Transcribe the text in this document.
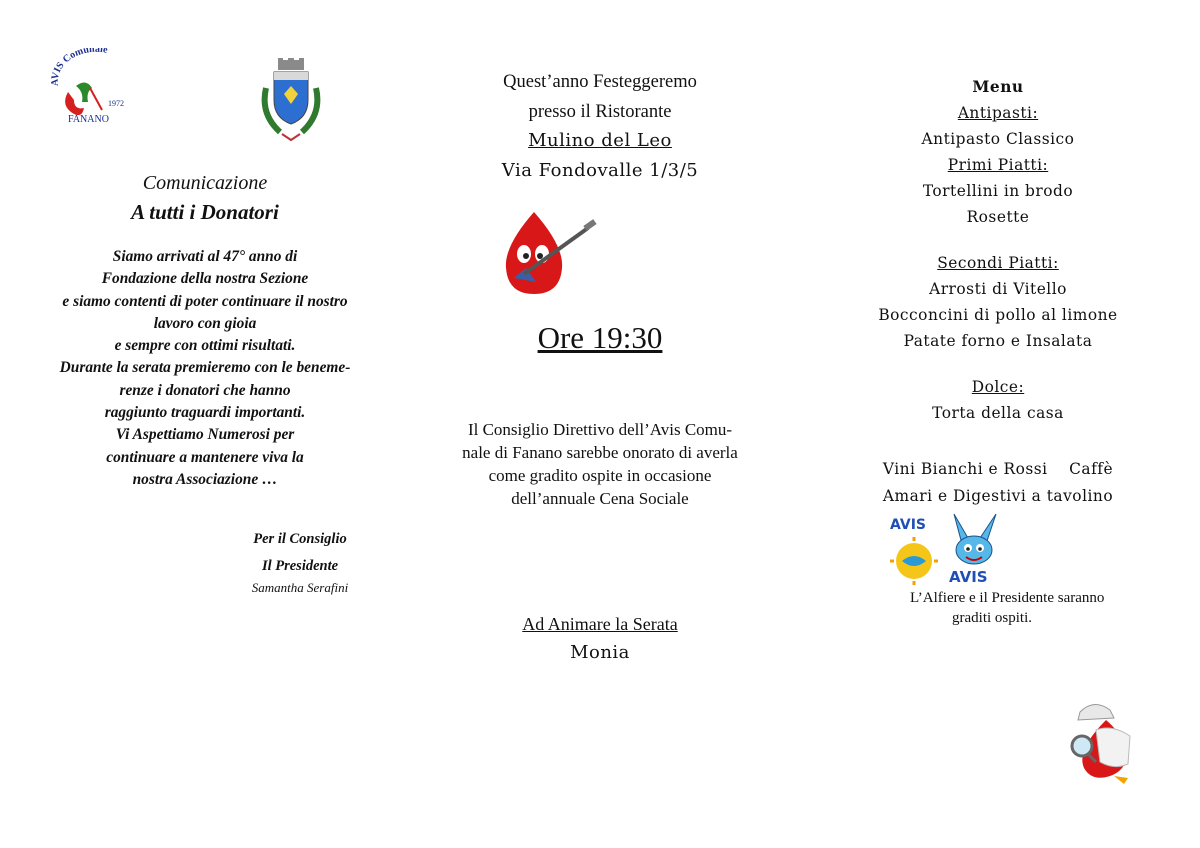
AVIS Comunale
1972
FANANO
Comunicazione
A tutti i Donatori
Siamo arrivati al 47° anno di
Fondazione della nostra Sezione
e siamo contenti di poter continuare il nostro
lavoro con gioia
e sempre con ottimi risultati.
Durante la serata premieremo con le beneme-
renze i donatori che hanno
raggiunto traguardi importanti.
Vi Aspettiamo Numerosi per
continuare a mantenere viva la
nostra Associazione …
Per il Consiglio
Il Presidente
Samantha Serafini
Quest’anno Festeggeremo
presso il Ristorante
Mulino del Leo
Via Fondovalle 1/3/5
Ore 19:30
Il Consiglio Direttivo dell’Avis Comu-
nale di Fanano sarebbe onorato di averla
come gradito ospite in occasione
dell’annuale Cena Sociale
Ad Animare la Serata
Monia
Menu
Antipasti:
Antipasto Classico
Primi Piatti:
Tortellini in brodo
Rosette
Secondi Piatti:
Arrosti di Vitello
Bocconcini di pollo al limone
Patate forno e Insalata
Dolce:
Torta della casa
Vini Bianchi e Rossi    Caffè
Amari e Digestivi a tavolino
AVIS
AVIS
L’Alfiere e il Presidente saranno
graditi ospiti.
